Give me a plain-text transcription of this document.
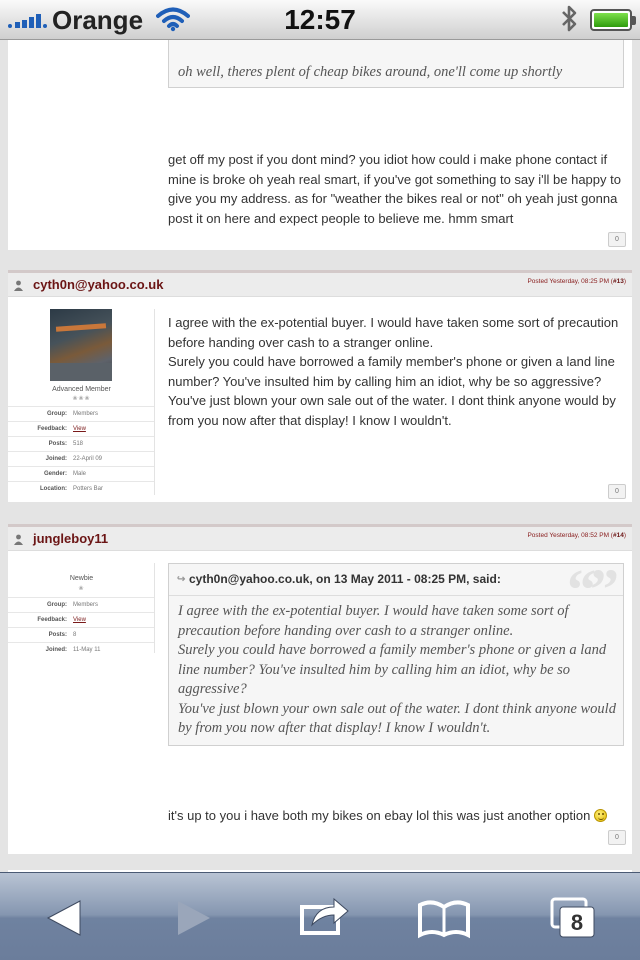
Orange	12:57
oh well, theres plent of cheap bikes around, one'll come up shortly
get off my post if you dont mind? you idiot how could i make phone contact if mine is broke oh yeah real smart, if you've got something to say i'll be happy to give you my address. as for "weather the bikes real or not" oh yeah just gonna post it on here and expect people to believe me. hmm smart
0
cyth0n@yahoo.co.uk	Posted Yesterday, 08:25 PM (#13)
Advanced Member
❀❀❀
Group: Members
Feedback: View
Posts: 518
Joined: 22-April 09
Gender: Male
Location: Potters Bar
I agree with the ex-potential buyer. I would have taken some sort of precaution before handing over cash to a stranger online.
Surely you could have borrowed a family member's phone or given a land line number? You've insulted him by calling him an idiot, why be so aggressive?
You've just blown your own sale out of the water. I dont think anyone would by from you now after that display! I know I wouldn't.
0
jungleboy11	Posted Yesterday, 08:52 PM (#14)
Newbie
❀
Group: Members
Feedback: View
Posts: 8
Joined: 11-May 11
↪ cyth0n@yahoo.co.uk, on 13 May 2011 - 08:25 PM, said: “”
I agree with the ex-potential buyer. I would have taken some sort of precaution before handing over cash to a stranger online.
Surely you could have borrowed a family member's phone or given a land line number? You've insulted him by calling him an idiot, why be so aggressive?
You've just blown your own sale out of the water. I dont think anyone would by from you now after that display! I know I wouldn't.
it's up to you i have both my bikes on ebay lol this was just another option
0
8
